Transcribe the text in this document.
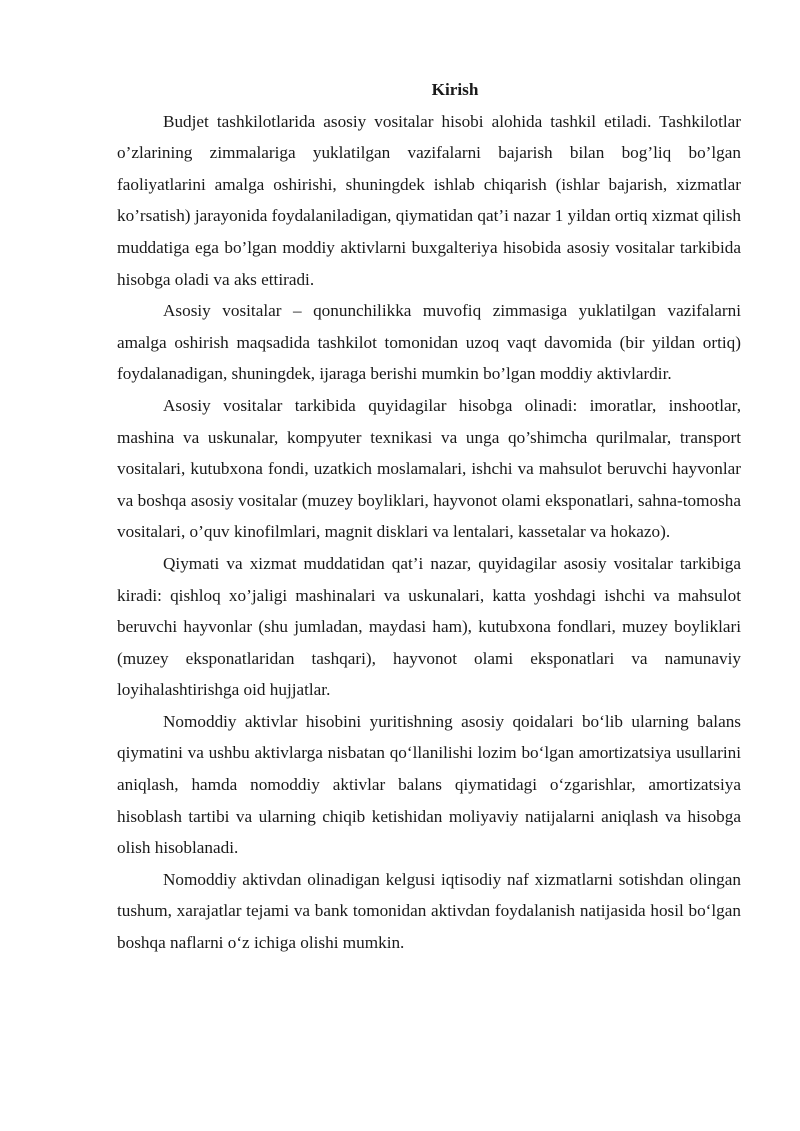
Kirish

Budjet tashkilotlarida asosiy vositalar hisobi alohida tashkil etiladi. Tashkilotlar o’zlarining zimmalariga yuklatilgan vazifalarni bajarish bilan bog’liq bo’lgan faoliyatlarini amalga oshirishi, shuningdek ishlab chiqarish (ishlar bajarish, xizmatlar ko’rsatish) jarayonida foydalaniladigan, qiymatidan qat’i nazar 1 yildan ortiq xizmat qilish muddatiga ega bo’lgan moddiy aktivlarni buxgalteriya hisobida asosiy vositalar tarkibida hisobga oladi va aks ettiradi.

Asosiy vositalar – qonunchilikka muvofiq zimmasiga yuklatilgan vazifalarni amalga oshirish maqsadida tashkilot tomonidan uzoq vaqt davomida (bir yildan ortiq) foydalanadigan, shuningdek, ijaraga berishi mumkin bo’lgan moddiy aktivlardir.

Asosiy vositalar tarkibida quyidagilar hisobga olinadi: imoratlar, inshootlar, mashina va uskunalar, kompyuter texnikasi va unga qo’shimcha qurilmalar, transport vositalari, kutubxona fondi, uzatkich moslamalari, ishchi va mahsulot beruvchi hayvonlar va boshqa asosiy vositalar (muzey boyliklari, hayvonot olami eksponatlari, sahna-tomosha vositalari, o’quv kinofilmlari, magnit disklari va lentalari, kassetalar va hokazo).

Qiymati va xizmat muddatidan qat’i nazar, quyidagilar asosiy vositalar tarkibiga kiradi: qishloq xo’jaligi mashinalari va uskunalari, katta yoshdagi ishchi va mahsulot beruvchi hayvonlar (shu jumladan, maydasi ham), kutubxona fondlari, muzey boyliklari (muzey eksponatlaridan tashqari), hayvonot olami eksponatlari va namunaviy loyihalashtirishga oid hujjatlar.

Nomoddiy aktivlar hisobini yuritishning asosiy qoidalari bo‘lib ularning balans qiymatini va ushbu aktivlarga nisbatan qo‘llanilishi lozim bo‘lgan amortizatsiya usullarini aniqlash, hamda nomoddiy aktivlar balans qiymatidagi o‘zgarishlar, amortizatsiya hisoblash tartibi va ularning chiqib ketishidan moliyaviy natijalarni aniqlash va hisobga olish hisoblanadi.

Nomoddiy aktivdan olinadigan kelgusi iqtisodiy naf xizmatlarni sotishdan olingan tushum, xarajatlar tejami va bank tomonidan aktivdan foydalanish natijasida hosil bo‘lgan boshqa naflarni o‘z ichiga olishi mumkin.
